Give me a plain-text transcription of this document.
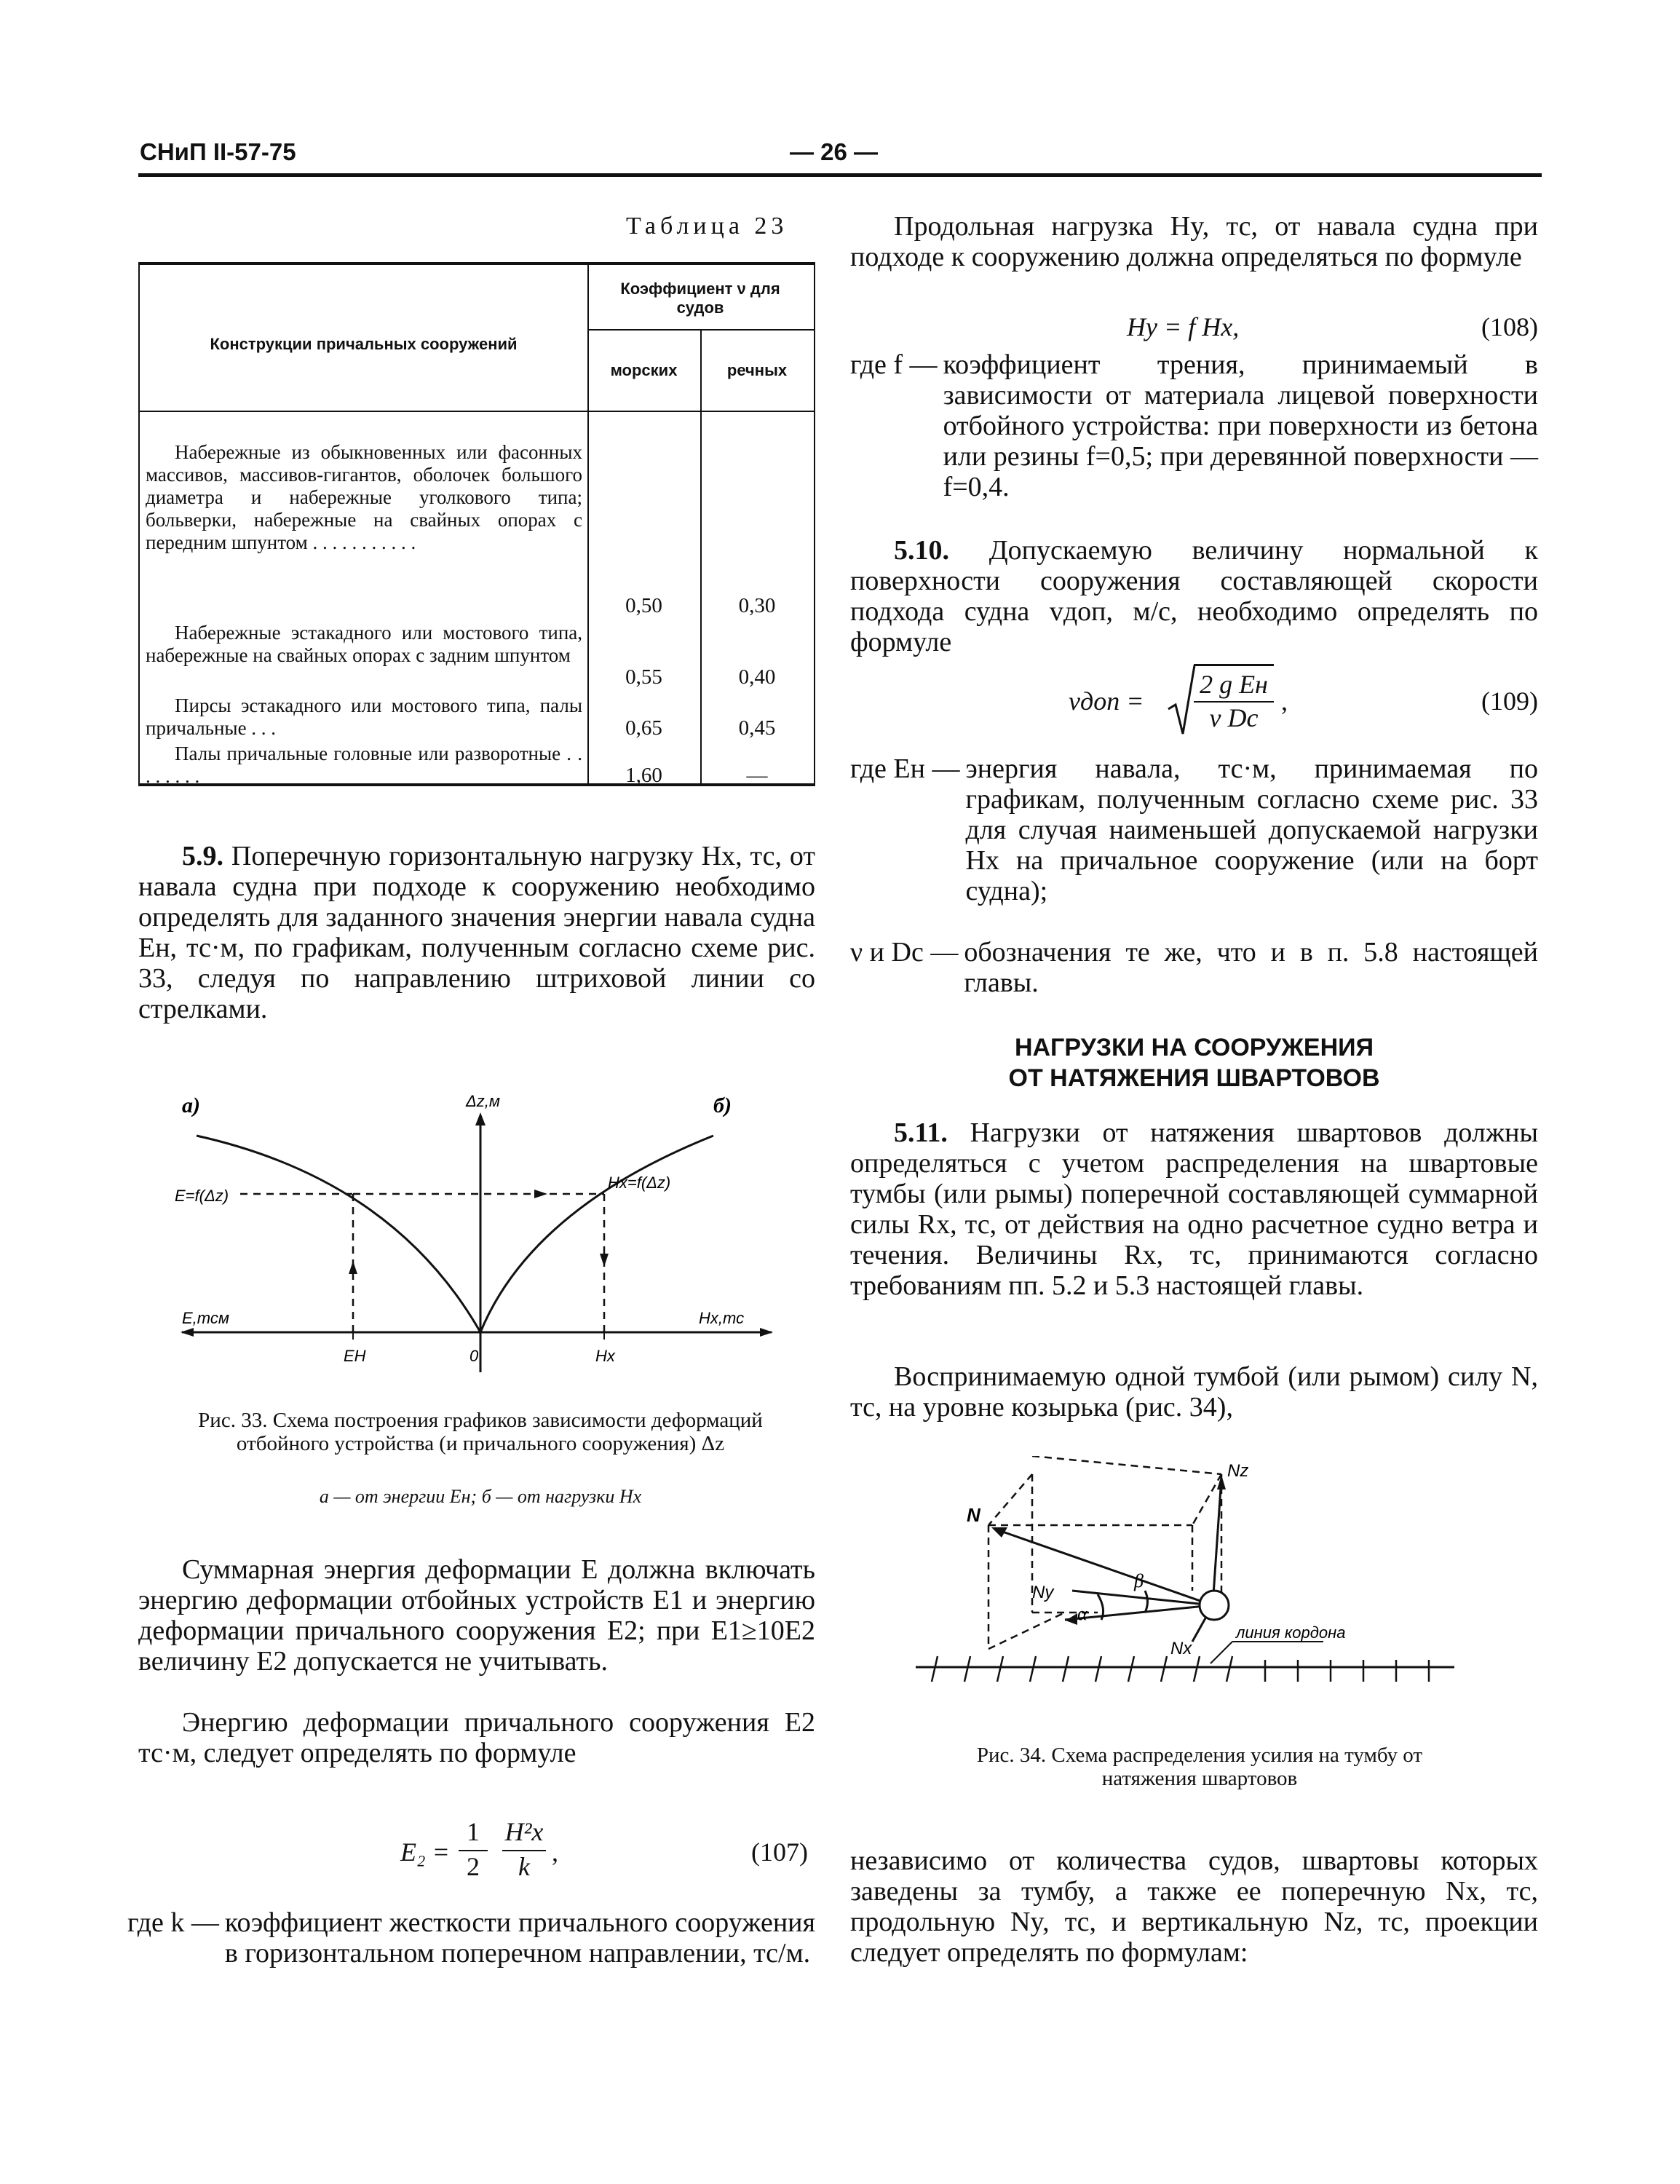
СНиП II-57-75	— 26 —
Таблица 23
Конструкции причальных сооружений
Коэффициент ν для судов
морских	речных
Набережные из обыкновенных или фасонных массивов, массивов-гигантов, оболочек большого диаметра и набережные уголкового типа; больверки, набережные на свайных опорах с передним шпунтом . . . . . . . . . . .
0,50	0,30
Набережные эстакадного или мостового типа, набережные на свайных опорах с задним шпунтом
0,55	0,40
Пирсы эстакадного или мостового типа, палы причальные . . .	0,65	0,45
Палы причальные головные или разворотные . . . . . . . .	1,60	—
5.9. Поперечную горизонтальную нагрузку Hx, тс, от навала судна при подходе к сооружению необходимо определять для заданного значения энергии навала судна Eн, тс·м, по графикам, полученным согласно схеме рис. 33, следуя по направлению штриховой линии со стрелками.
а)	б)
Δz,м
E=f(Δz)
Hx=f(Δz)
E,тсм	Hx,тс
EH	0	Hx
Рис. 33. Схема построения графиков зависимости деформаций отбойного устройства (и причального сооружения) Δz
а — от энергии Eн; б — от нагрузки Hx
Суммарная энергия деформации E должна включать энергию деформации отбойных устройств E1 и энергию деформации причального сооружения E2; при E1≥10E2 величину E2 допускается не учитывать.
Энергию деформации причального сооружения E2 тс·м, следует определять по формуле
E₂ =
1
2
H²x
k ,	(107)
где k — коэффициент жесткости причального сооружения в горизонтальном поперечном направлении, тс/м.
Продольная нагрузка Hy, тс, от навала судна при подходе к сооружению должна определяться по формуле
Hy = f Hx,	(108)
где f — коэффициент трения, принимаемый в зависимости от материала лицевой поверхности отбойного устройства: при поверхности из бетона или резины f=0,5; при деревянной поверхности — f=0,4.
5.10. Допускаемую величину нормальной к поверхности сооружения составляющей скорости подхода судна vдоп, м/с, необходимо определять по формуле
vдоп =
2 g Eн
ν Dc
,	(109)
где Eн — энергия навала, тс·м, принимаемая по графикам, полученным согласно схеме рис. 33 для случая наименьшей допускаемой нагрузки Hx на причальное сооружение (или на борт судна);
ν и Dc — обозначения те же, что и в п. 5.8 настоящей главы.
НАГРУЗКИ НА СООРУЖЕНИЯ
ОТ НАТЯЖЕНИЯ ШВАРТОВОВ
5.11. Нагрузки от натяжения швартовов должны определяться с учетом распределения на швартовые тумбы (или рымы) поперечной составляющей суммарной силы Rx, тс, от действия на одно расчетное судно ветра и течения. Величины Rx, тс, принимаются согласно требованиям пп. 5.2 и 5.3 настоящей главы.
Воспринимаемую одной тумбой (или рымом) силу N, тс, на уровне козырька (рис. 34),
Nz
N
Ny
β
α
Nx
линия кордона
Рис. 34. Схема распределения усилия на тумбу от натяжения швартовов
независимо от количества судов, швартовы которых заведены за тумбу, а также ее поперечную Nx, тс, продольную Ny, тс, и вертикальную Nz, тс, проекции следует определять по формулам:
